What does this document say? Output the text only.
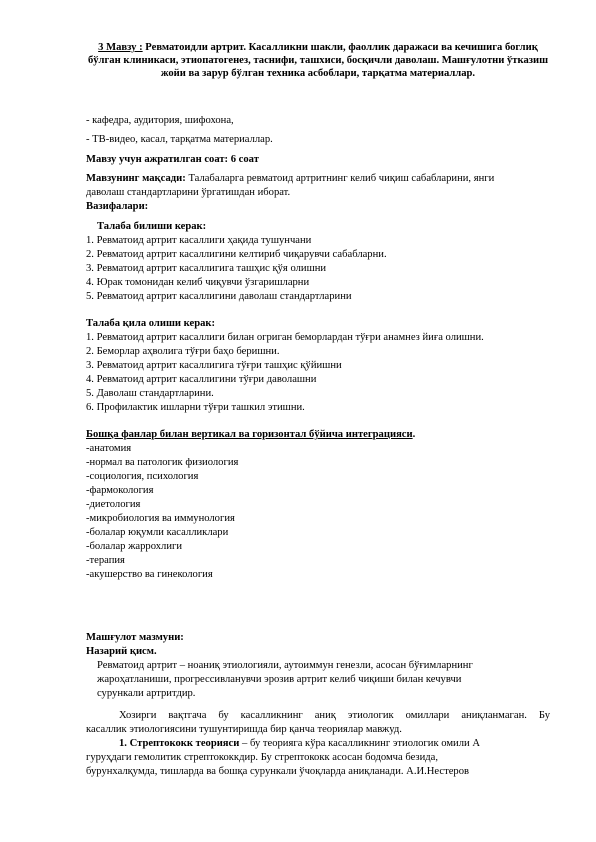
3 Мавзу : Ревматоидли артрит. Касалликни шакли, фаоллик даражаси ва кечишига боглиқ бўлган клиникаси, этиопатогенез, таснифи, ташхиси, босқичли даволаш. Машғулотни ўтказиш жойи ва зарур бўлган техника асбоблари, тарқатма материаллар.
- кафедра, аудитория, шифохона,
- ТВ-видео, касал, тарқатма материаллар.
Мавзу учун ажратилган соат: 6 соат
Мавзунинг мақсади: Талабаларга ревматоид артритнинг келиб чиқиш сабабларини, янги
даволаш стандартларини ўргатишдан иборат.
Вазифалари:
Талаба билиши керак:
1. Ревматоид артрит касаллиги ҳақида тушунчани
2. Ревматоид артрит касаллигини келтириб чиқарувчи сабабларни.
3. Ревматоид артрит касаллигига ташҳис қўя олишни
4. Юрак томонидан келиб чиқувчи ўзгаришларни
5. Ревматоид артрит касаллигини даволаш стандартларини
Талаба қила олиши керак:
1. Ревматоид артрит касаллиги билан огриган беморлардан тўғри анамнез йиға олишни.
2. Беморлар аҳволига тўғри баҳо беришни.
3. Ревматоид артрит касаллигига тўғри ташҳис қўйишни
4. Ревматоид артрит касаллигини тўғри даволашни
5. Даволаш стандартларини.
6. Профилактик ишларни тўғри ташкил этишни.
Бошқа фанлар билан вертикал ва горизонтал бўйича интеграцияси.
-анатомия
-нормал ва патологик физиология
-социология, психология
-фармокология
-диетология
-микробиология ва иммунология
-болалар юқумли касалликлари
-болалар жаррохлиги
-терапия
-акушерство ва гинекология
Машғулот мазмуни:
Назарий қисм.
Ревматоид артрит – ноаниқ этиологияли, аутоиммун генезли, асосан бўғимларнинг
жароҳатланиши, прогрессивланувчи эрозив артрит келиб чиқиши билан кечувчи
сурункали артритдир.
Хозирги вақтгача бу касалликнинг аниқ этиологик омиллари аниқланмаган. Бу
касаллик этиологиясини тушунтиришда бир қанча теориялар мавжуд.
1. Стрептококк теорияси – бу теорияга кўра касалликнинг этиологик омили А
гуруҳдаги гемолитик стрептококкдир. Бу стрептококк асосан бодомча безида,
бурунхалқумда, тишларда ва бошқа сурункали ўчоқларда аниқланади. А.И.Нестеров
